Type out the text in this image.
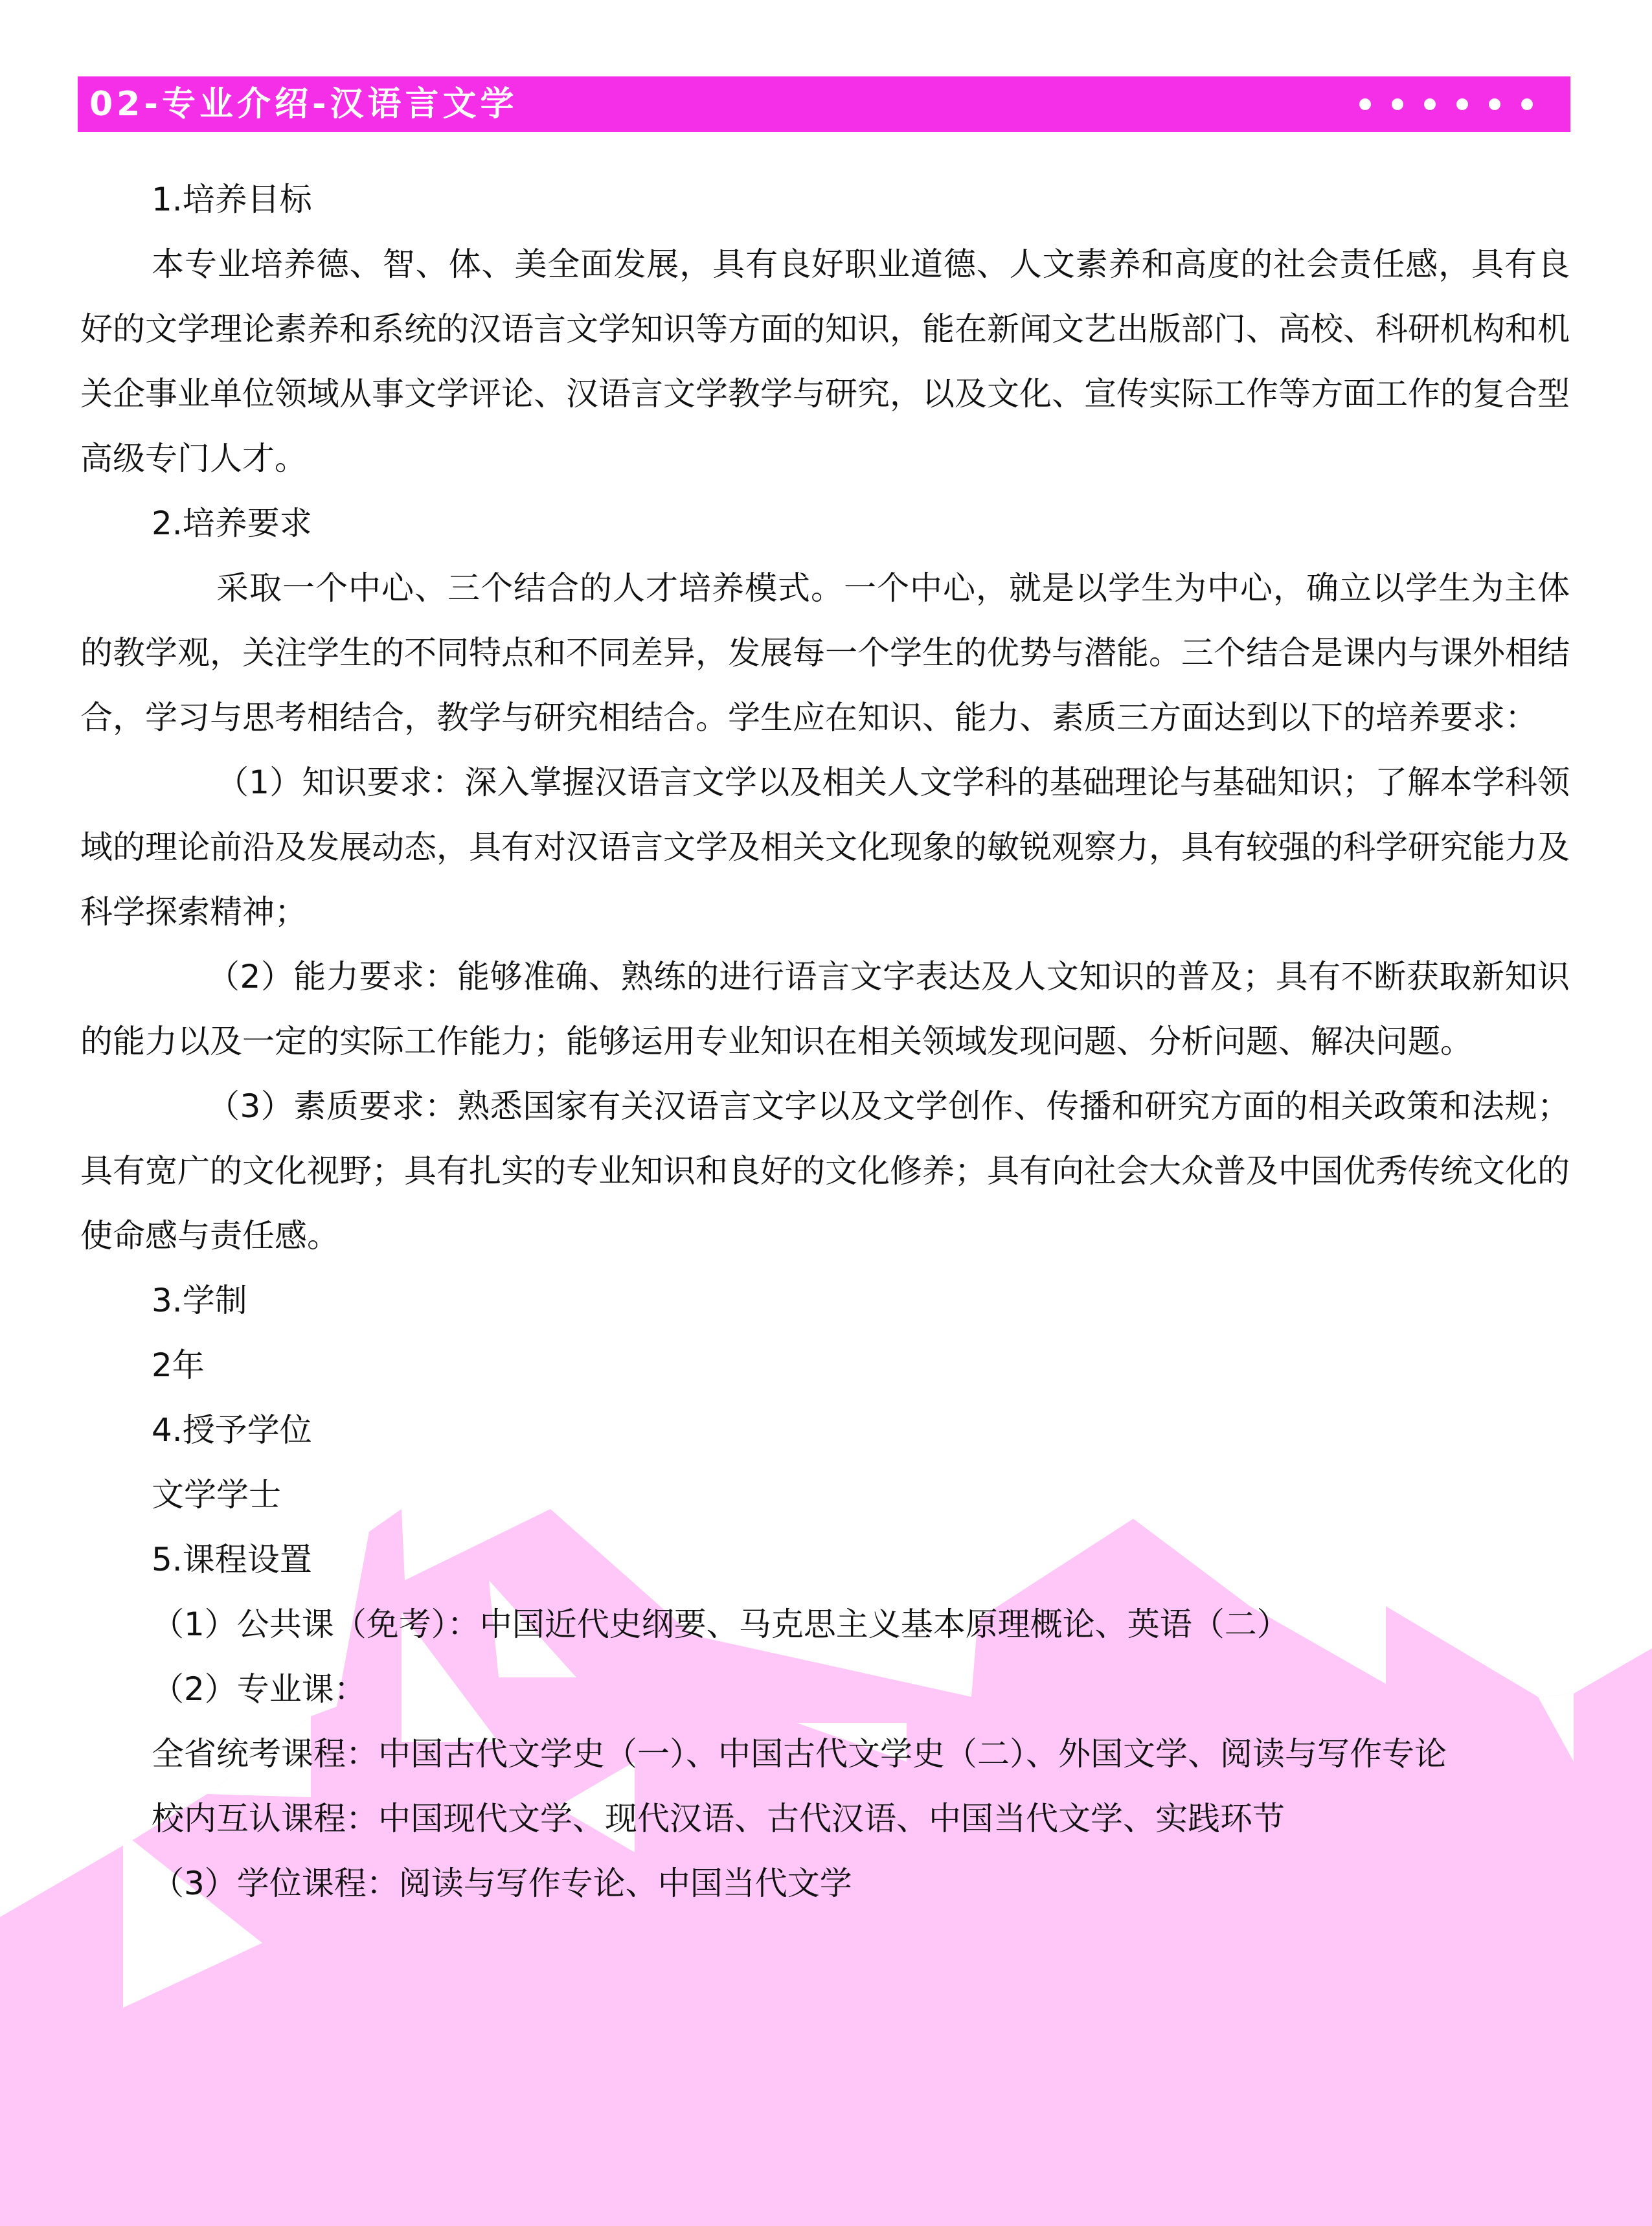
02-专业介绍-汉语言文学

1.培养目标

本专业培养德、智、体、美全面发展，具有良好职业道德、人文素养和高度的社会责任感，具有良好的文学理论素养和系统的汉语言文学知识等方面的知识，能在新闻文艺出版部门、高校、科研机构和机关企事业单位领域从事文学评论、汉语言文学教学与研究，以及文化、宣传实际工作等方面工作的复合型高级专门人才。

2.培养要求

采取一个中心、三个结合的人才培养模式。一个中心，就是以学生为中心，确立以学生为主体的教学观，关注学生的不同特点和不同差异，发展每一个学生的优势与潜能。三个结合是课内与课外相结合，学习与思考相结合，教学与研究相结合。学生应在知识、能力、素质三方面达到以下的培养要求：

（1）知识要求：深入掌握汉语言文学以及相关人文学科的基础理论与基础知识；了解本学科领域的理论前沿及发展动态，具有对汉语言文学及相关文化现象的敏锐观察力，具有较强的科学研究能力及科学探索精神；

（2）能力要求：能够准确、熟练的进行语言文字表达及人文知识的普及；具有不断获取新知识的能力以及一定的实际工作能力；能够运用专业知识在相关领域发现问题、分析问题、解决问题。

（3）素质要求：熟悉国家有关汉语言文字以及文学创作、传播和研究方面的相关政策和法规；具有宽广的文化视野；具有扎实的专业知识和良好的文化修养；具有向社会大众普及中国优秀传统文化的使命感与责任感。

3.学制

2年

4.授予学位

文学学士

5.课程设置

（1）公共课（免考）：中国近代史纲要、马克思主义基本原理概论、英语（二）

（2）专业课：

全省统考课程：中国古代文学史（一）、中国古代文学史（二）、外国文学、阅读与写作专论

校内互认课程：中国现代文学、现代汉语、古代汉语、中国当代文学、实践环节

（3）学位课程：阅读与写作专论、中国当代文学
